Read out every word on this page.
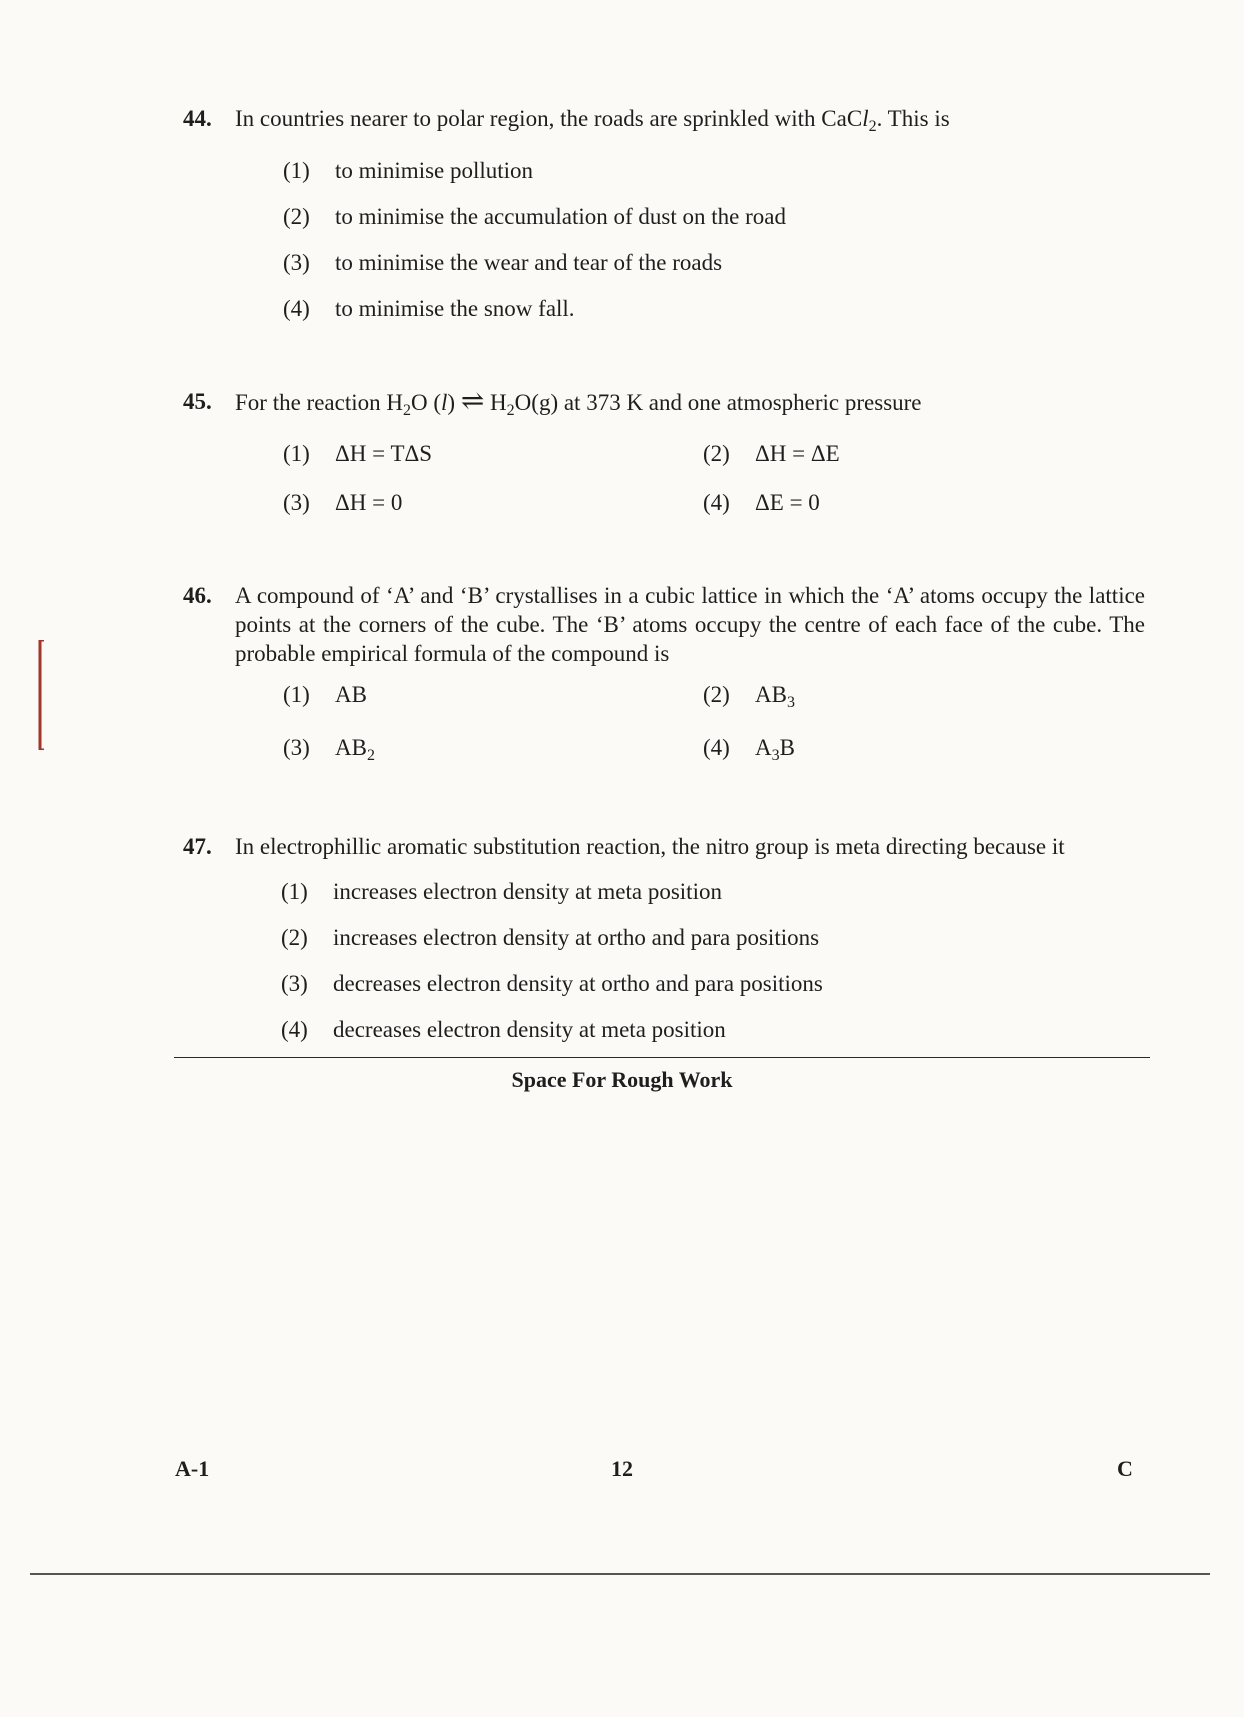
44.	In countries nearer to polar region, the roads are sprinkled with CaCl$_2$. This is
(1) to minimise pollution
(2) to minimise the accumulation of dust on the road
(3) to minimise the wear and tear of the roads
(4) to minimise the snow fall.
45.	For the reaction $H_2O$ (l) ⇌ $H_2O(g)$ at 373 K and one atmospheric pressure
(1) ΔH = TΔS	(2) ΔH = ΔE
(3) ΔH = 0	(4) ΔE = 0
46.	A compound of ‘A’ and ‘B’ crystallises in a cubic lattice in which the ‘A’ atoms occupy the lattice points at the corners of the cube. The ‘B’ atoms occupy the centre of each face of the cube. The probable empirical formula of the compound is
(1) AB	(2) $AB_3$
(3) $AB_2$	(4) $A_3B$
47.	In electrophillic aromatic substitution reaction, the nitro group is meta directing because it
(1) increases electron density at meta position
(2) increases electron density at ortho and para positions
(3) decreases electron density at ortho and para positions
(4) decreases electron density at meta position
Space For Rough Work
A-1	12	C
